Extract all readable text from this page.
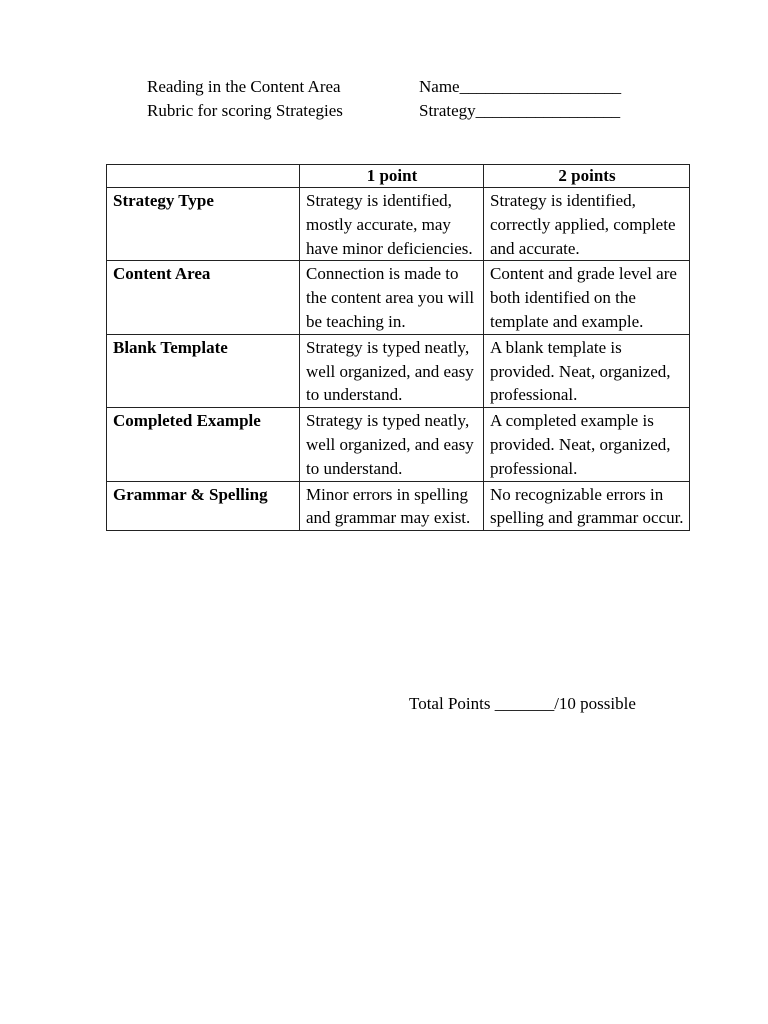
Reading in the Content Area	Name___________________
Rubric for scoring Strategies	Strategy_________________
	1 point	2 points
Strategy Type	Strategy is identified, mostly accurate, may have minor deficiencies.	Strategy is identified, correctly applied, complete and accurate.
Content Area	Connection is made to the content area you will be teaching in.	Content and grade level are both identified on the template and example.
Blank Template	Strategy is typed neatly, well organized, and easy to understand.	A blank template is provided. Neat, organized, professional.
Completed Example	Strategy is typed neatly, well organized, and easy to understand.	A completed example is provided. Neat, organized, professional.
Grammar & Spelling	Minor errors in spelling and grammar may exist.	No recognizable errors in spelling and grammar occur.
Total Points _______/10 possible
